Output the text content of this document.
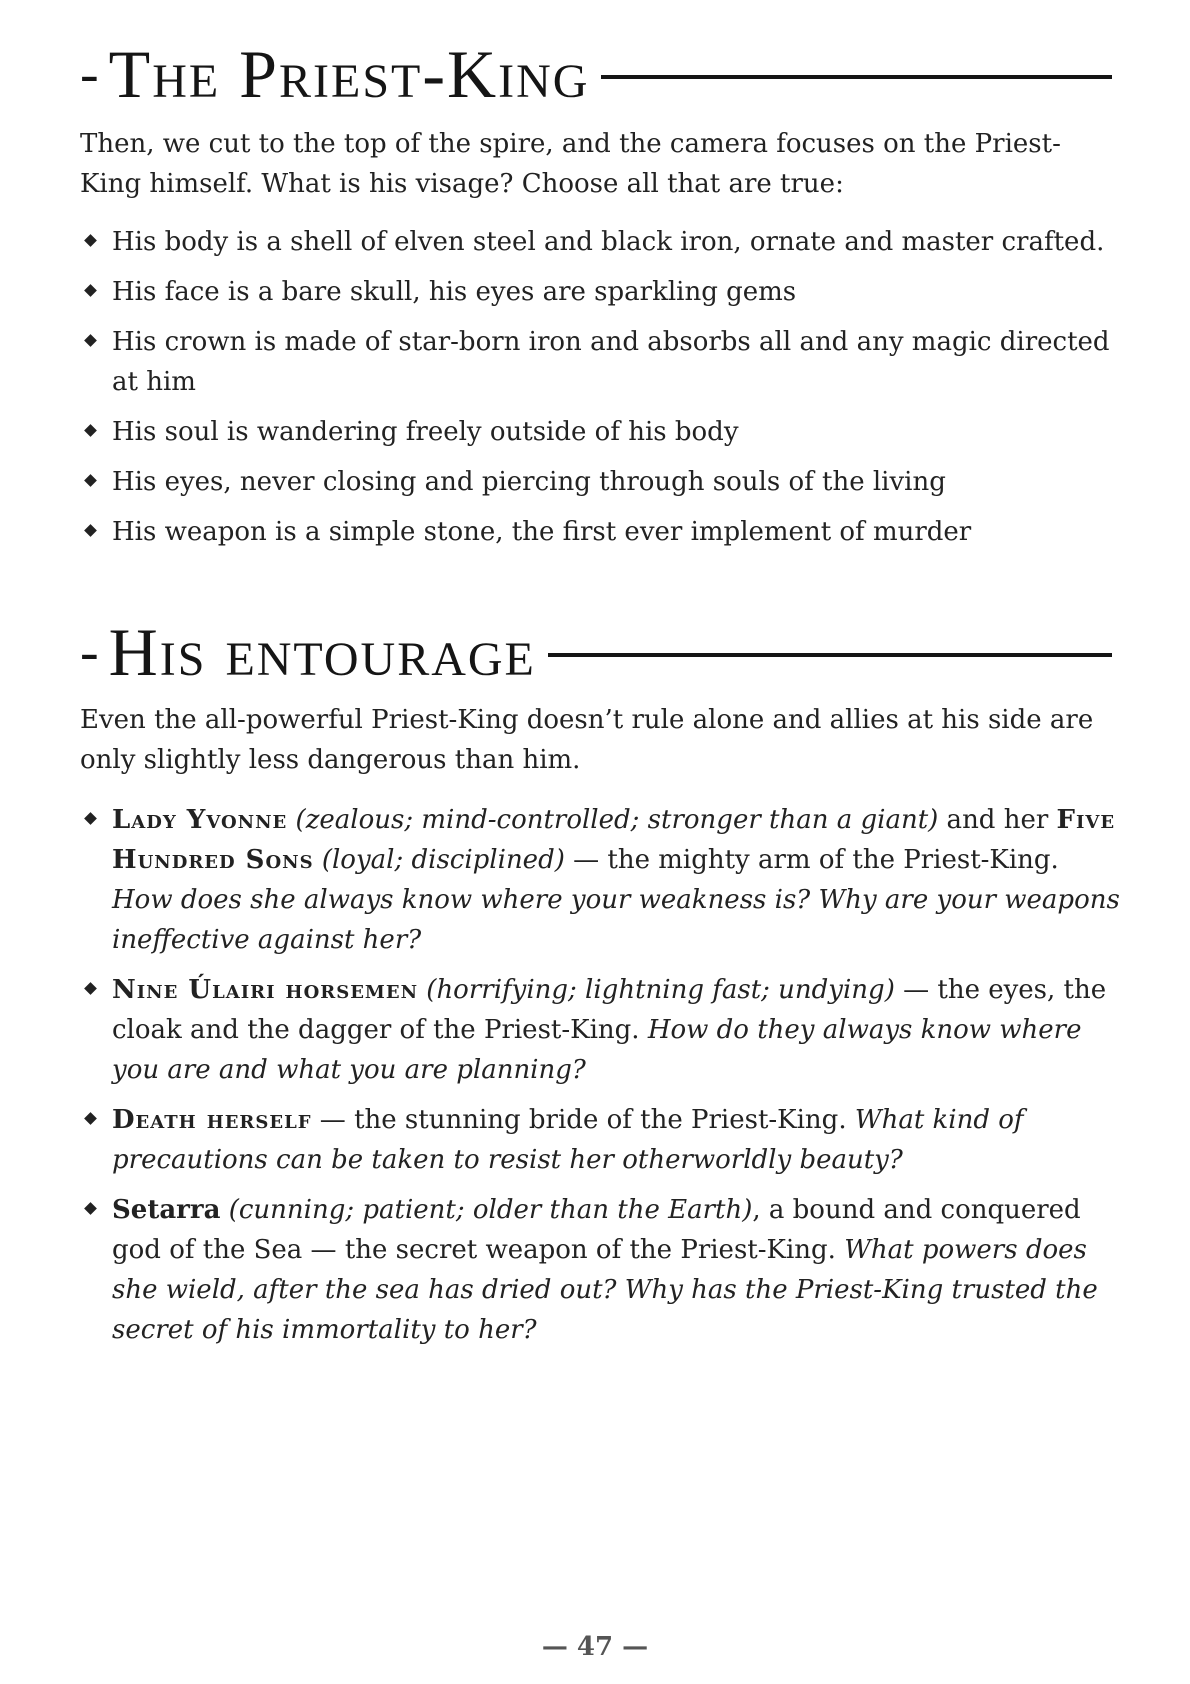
- The Priest-King

Then, we cut to the top of the spire, and the camera focuses on the Priest-King himself. What is his visage? Choose all that are true:

His body is a shell of elven steel and black iron, ornate and master crafted.
His face is a bare skull, his eyes are sparkling gems
His crown is made of star-born iron and absorbs all and any magic directed at him
His soul is wandering freely outside of his body
His eyes, never closing and piercing through souls of the living
His weapon is a simple stone, the first ever implement of murder
- His entourage

Even the all-powerful Priest-King doesn’t rule alone and allies at his side are only slightly less dangerous than him.

Lady Yvonne (zealous; mind-controlled; stronger than a giant) and her Five Hundred Sons (loyal; disciplined) — the mighty arm of the Priest-King. How does she always know where your weakness is? Why are your weapons ineffective against her?
Nine Úlairi horsemen (horrifying; lightning fast; undying) — the eyes, the cloak and the dagger of the Priest-King. How do they always know where you are and what you are planning?
Death herself — the stunning bride of the Priest-King. What kind of precautions can be taken to resist her otherworldly beauty?
Setarra (cunning; patient; older than the Earth), a bound and conquered god of the Sea — the secret weapon of the Priest-King. What powers does she wield, after the sea has dried out? Why has the Priest-King trusted the secret of his immortality to her?
— 47 —
